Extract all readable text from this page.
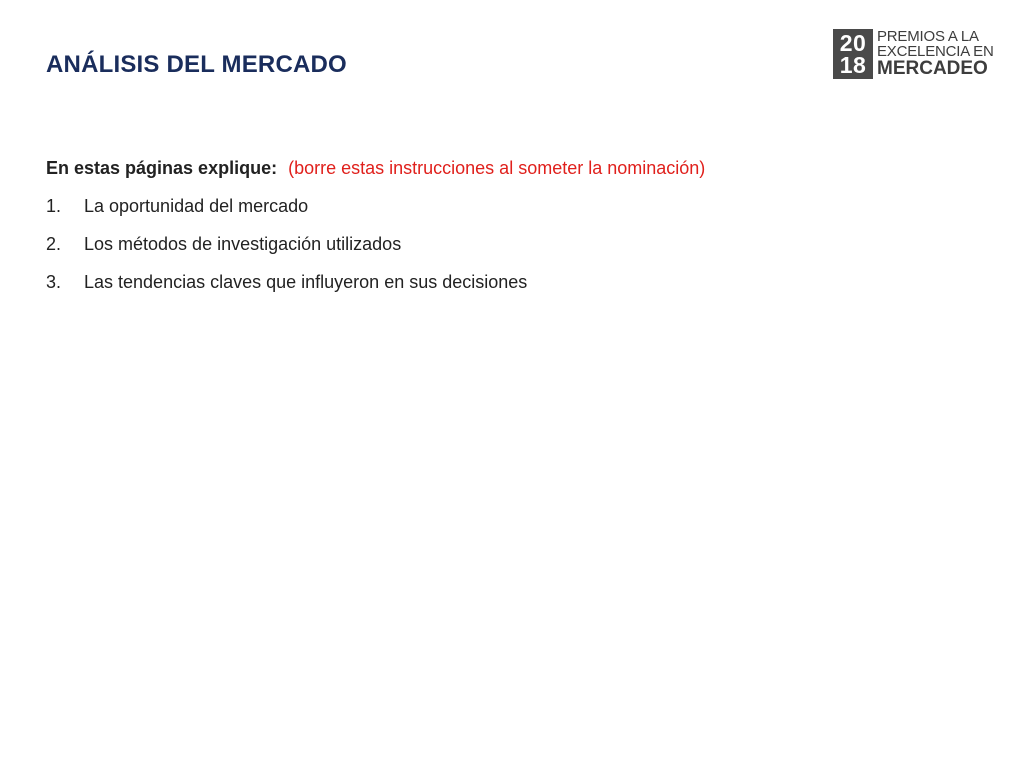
ANÁLISIS DEL MERCADO
20
18
PREMIOS A LA
EXCELENCIA EN
MERCADEO
En estas páginas explique: (borre estas instrucciones al someter la nominación)
1.	La oportunidad del mercado
2.	Los métodos de investigación utilizados
3.	Las tendencias claves que influyeron en sus decisiones
